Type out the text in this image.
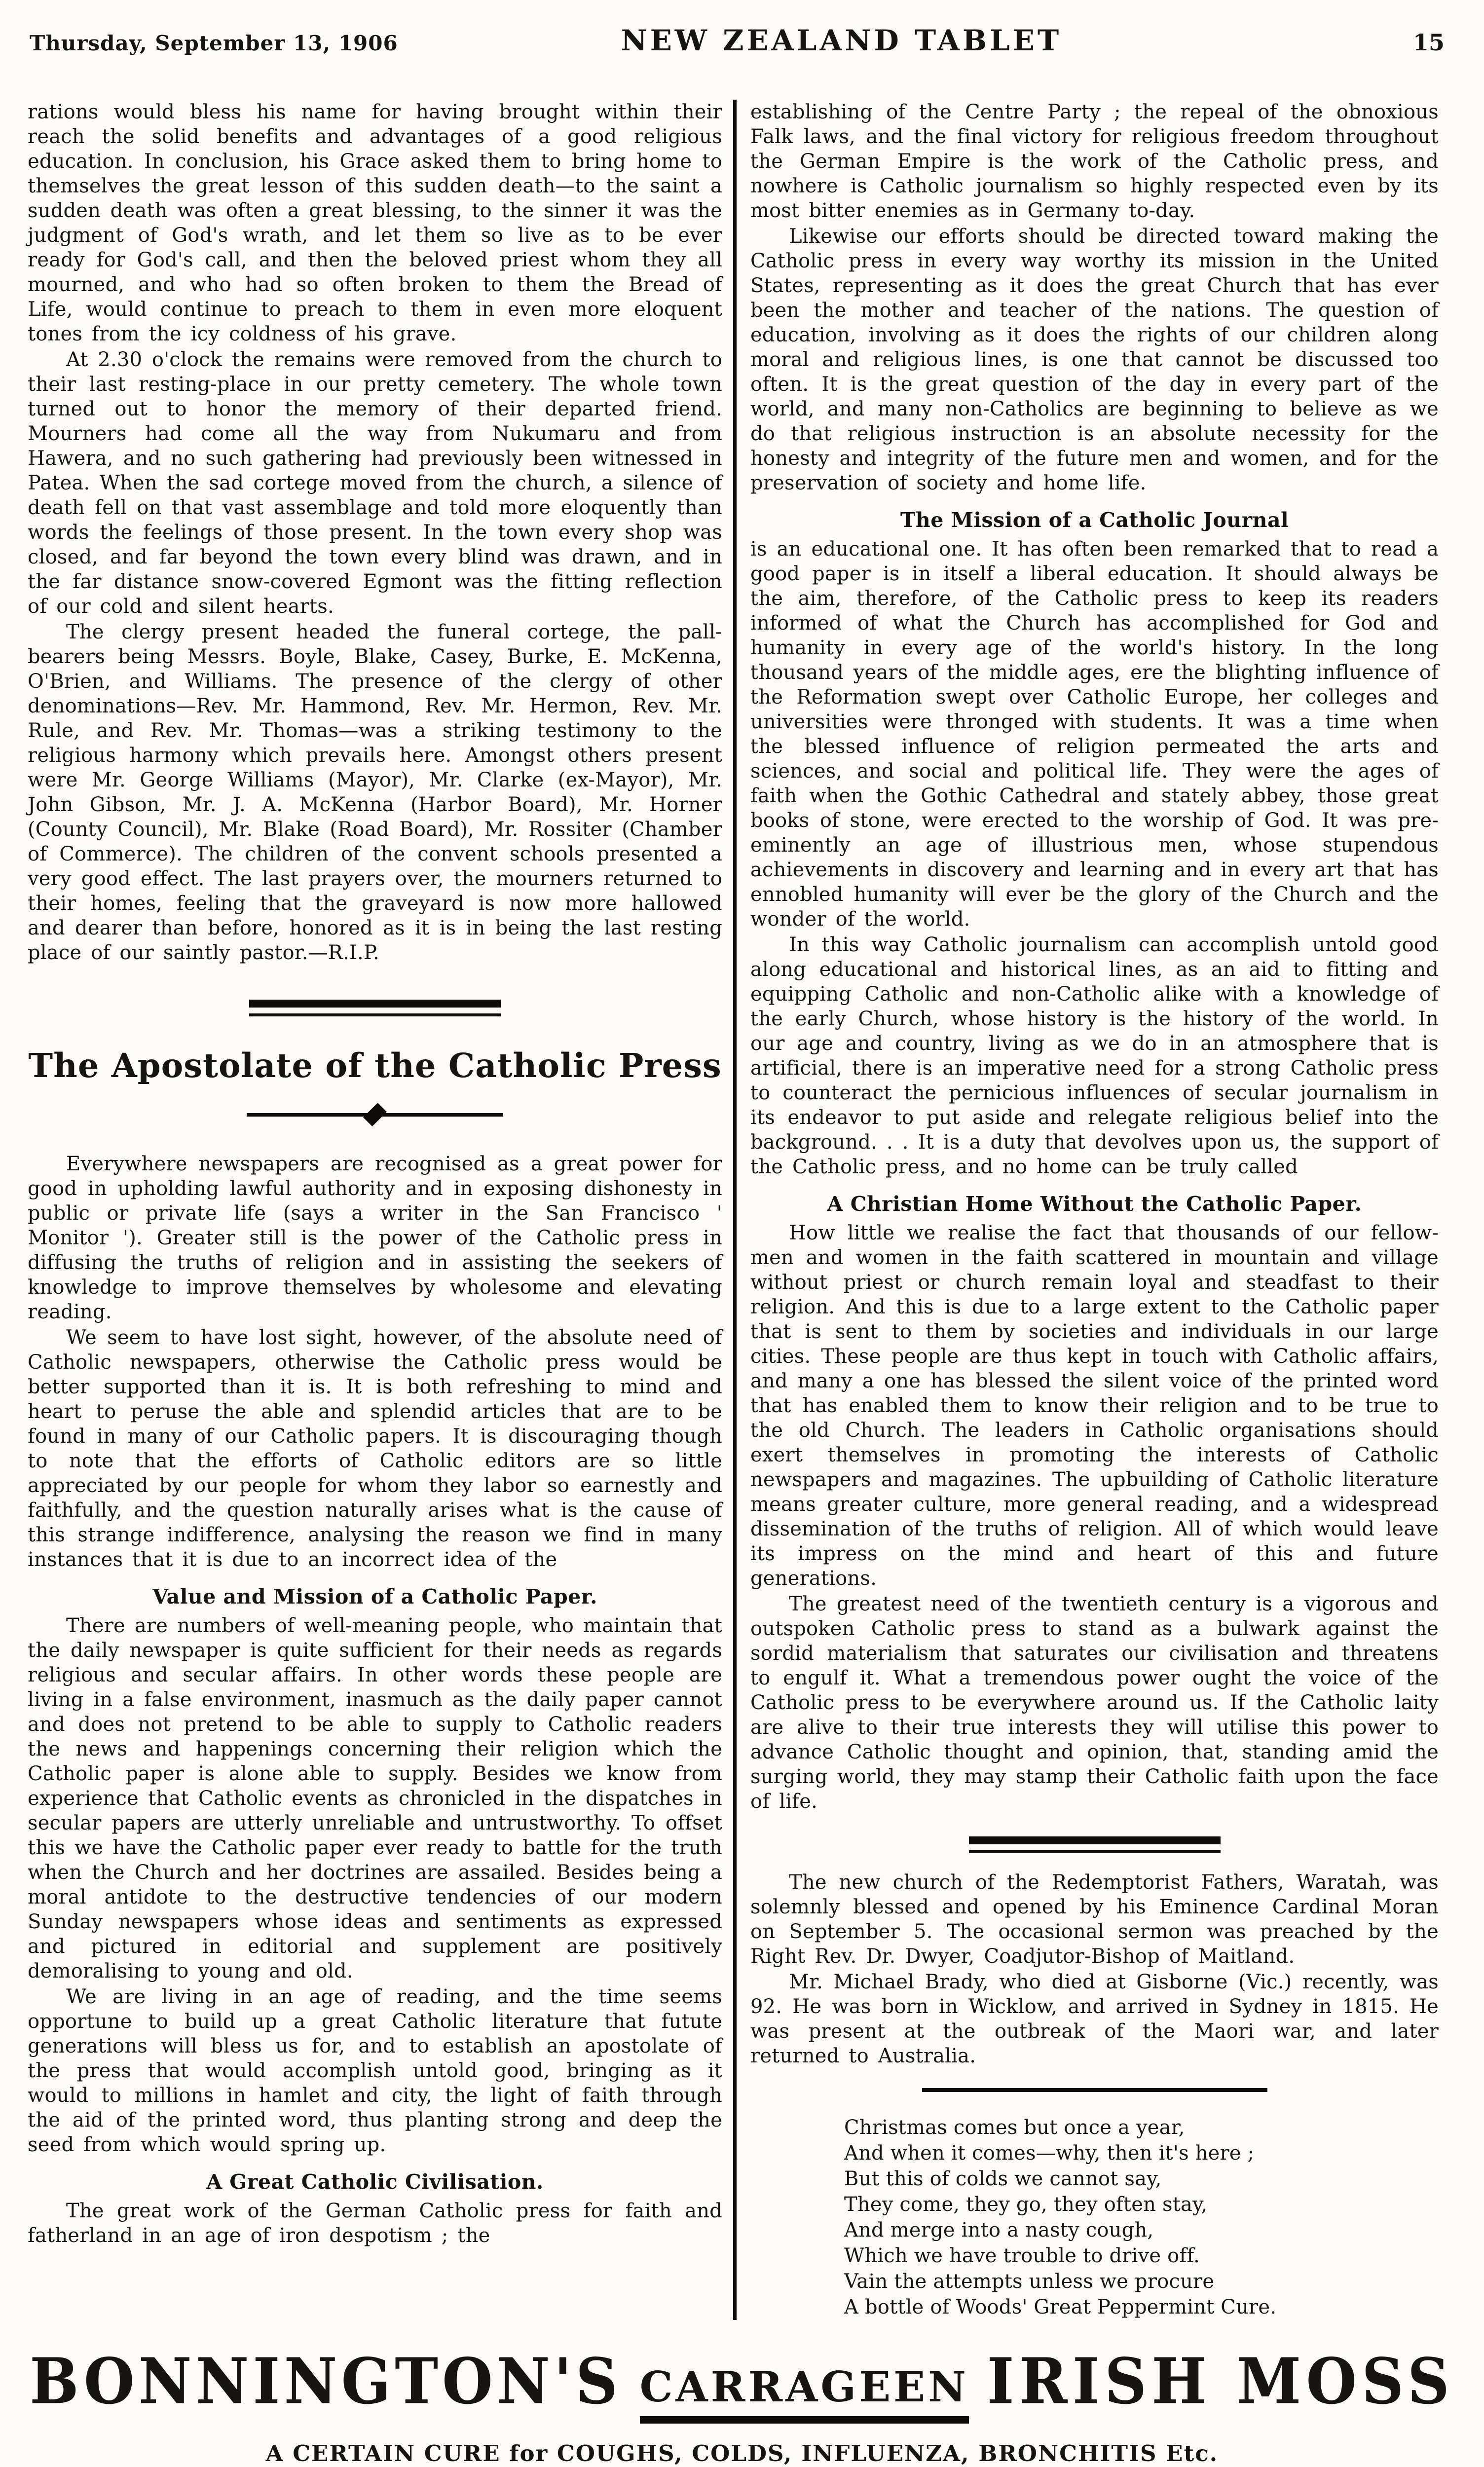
Thursday, September 13, 1906	NEW ZEALAND TABLET	15

rations would bless his name for having brought within their reach the solid benefits and advantages of a good religious education. In conclusion, his Grace asked them to bring home to themselves the great lesson of this sudden death—to the saint a sudden death was often a great blessing, to the sinner it was the judgment of God's wrath, and let them so live as to be ever ready for God's call, and then the beloved priest whom they all mourned, and who had so often broken to them the Bread of Life, would continue to preach to them in even more eloquent tones from the icy coldness of his grave.

At 2.30 o'clock the remains were removed from the church to their last resting-place in our pretty cemetery. The whole town turned out to honor the memory of their departed friend. Mourners had come all the way from Nukumaru and from Hawera, and no such gathering had previously been witnessed in Patea. When the sad cortege moved from the church, a silence of death fell on that vast assemblage and told more eloquently than words the feelings of those present. In the town every shop was closed, and far beyond the town every blind was drawn, and in the far distance snow-covered Egmont was the fitting reflection of our cold and silent hearts.

The clergy present headed the funeral cortege, the pall-bearers being Messrs. Boyle, Blake, Casey, Burke, E. McKenna, O'Brien, and Williams. The presence of the clergy of other denominations—Rev. Mr. Hammond, Rev. Mr. Hermon, Rev. Mr. Rule, and Rev. Mr. Thomas—was a striking testimony to the religious harmony which prevails here. Amongst others present were Mr. George Williams (Mayor), Mr. Clarke (ex-Mayor), Mr. John Gibson, Mr. J. A. McKenna (Harbor Board), Mr. Horner (County Council), Mr. Blake (Road Board), Mr. Rossiter (Chamber of Commerce). The children of the convent schools presented a very good effect. The last prayers over, the mourners returned to their homes, feeling that the graveyard is now more hallowed and dearer than before, honored as it is in being the last resting place of our saintly pastor.—R.I.P.

The Apostolate of the Catholic Press

Everywhere newspapers are recognised as a great power for good in upholding lawful authority and in exposing dishonesty in public or private life (says a writer in the San Francisco ' Monitor '). Greater still is the power of the Catholic press in diffusing the truths of religion and in assisting the seekers of knowledge to improve themselves by wholesome and elevating reading.

We seem to have lost sight, however, of the absolute need of Catholic newspapers, otherwise the Catholic press would be better supported than it is. It is both refreshing to mind and heart to peruse the able and splendid articles that are to be found in many of our Catholic papers. It is discouraging though to note that the efforts of Catholic editors are so little appreciated by our people for whom they labor so earnestly and faithfully, and the question naturally arises what is the cause of this strange indifference, analysing the reason we find in many instances that it is due to an incorrect idea of the

Value and Mission of a Catholic Paper.

There are numbers of well-meaning people, who maintain that the daily newspaper is quite sufficient for their needs as regards religious and secular affairs. In other words these people are living in a false environment, inasmuch as the daily paper cannot and does not pretend to be able to supply to Catholic readers the news and happenings concerning their religion which the Catholic paper is alone able to supply. Besides we know from experience that Catholic events as chronicled in the dispatches in secular papers are utterly unreliable and untrustworthy. To offset this we have the Catholic paper ever ready to battle for the truth when the Church and her doctrines are assailed. Besides being a moral antidote to the destructive tendencies of our modern Sunday newspapers whose ideas and sentiments as expressed and pictured in editorial and supplement are positively demoralising to young and old.

We are living in an age of reading, and the time seems opportune to build up a great Catholic literature that futute generations will bless us for, and to establish an apostolate of the press that would accomplish untold good, bringing as it would to millions in hamlet and city, the light of faith through the aid of the printed word, thus planting strong and deep the seed from which would spring up.

A Great Catholic Civilisation.

The great work of the German Catholic press for faith and fatherland in an age of iron despotism ; the

establishing of the Centre Party ; the repeal of the obnoxious Falk laws, and the final victory for religious freedom throughout the German Empire is the work of the Catholic press, and nowhere is Catholic journalism so highly respected even by its most bitter enemies as in Germany to-day.

Likewise our efforts should be directed toward making the Catholic press in every way worthy its mission in the United States, representing as it does the great Church that has ever been the mother and teacher of the nations. The question of education, involving as it does the rights of our children along moral and religious lines, is one that cannot be discussed too often. It is the great question of the day in every part of the world, and many non-Catholics are beginning to believe as we do that religious instruction is an absolute necessity for the honesty and integrity of the future men and women, and for the preservation of society and home life.

The Mission of a Catholic Journal

is an educational one. It has often been remarked that to read a good paper is in itself a liberal education. It should always be the aim, therefore, of the Catholic press to keep its readers informed of what the Church has accomplished for God and humanity in every age of the world's history. In the long thousand years of the middle ages, ere the blighting influence of the Reformation swept over Catholic Europe, her colleges and universities were thronged with students. It was a time when the blessed influence of religion permeated the arts and sciences, and social and political life. They were the ages of faith when the Gothic Cathedral and stately abbey, those great books of stone, were erected to the worship of God. It was pre-eminently an age of illustrious men, whose stupendous achievements in discovery and learning and in every art that has ennobled humanity will ever be the glory of the Church and the wonder of the world.

In this way Catholic journalism can accomplish untold good along educational and historical lines, as an aid to fitting and equipping Catholic and non-Catholic alike with a knowledge of the early Church, whose history is the history of the world. In our age and country, living as we do in an atmosphere that is artificial, there is an imperative need for a strong Catholic press to counteract the pernicious influences of secular journalism in its endeavor to put aside and relegate religious belief into the background. . . It is a duty that devolves upon us, the support of the Catholic press, and no home can be truly called

A Christian Home Without the Catholic Paper.

How little we realise the fact that thousands of our fellow-men and women in the faith scattered in mountain and village without priest or church remain loyal and steadfast to their religion. And this is due to a large extent to the Catholic paper that is sent to them by societies and individuals in our large cities. These people are thus kept in touch with Catholic affairs, and many a one has blessed the silent voice of the printed word that has enabled them to know their religion and to be true to the old Church. The leaders in Catholic organisations should exert themselves in promoting the interests of Catholic newspapers and magazines. The upbuilding of Catholic literature means greater culture, more general reading, and a widespread dissemination of the truths of religion. All of which would leave its impress on the mind and heart of this and future generations.

The greatest need of the twentieth century is a vigorous and outspoken Catholic press to stand as a bulwark against the sordid materialism that saturates our civilisation and threatens to engulf it. What a tremendous power ought the voice of the Catholic press to be everywhere around us. If the Catholic laity are alive to their true interests they will utilise this power to advance Catholic thought and opinion, that, standing amid the surging world, they may stamp their Catholic faith upon the face of life.

The new church of the Redemptorist Fathers, Waratah, was solemnly blessed and opened by his Eminence Cardinal Moran on September 5. The occasional sermon was preached by the Right Rev. Dr. Dwyer, Coadjutor-Bishop of Maitland.

Mr. Michael Brady, who died at Gisborne (Vic.) recently, was 92. He was born in Wicklow, and arrived in Sydney in 1815. He was present at the outbreak of the Maori war, and later returned to Australia.

Christmas comes but once a year,
And when it comes—why, then it's here ;
But this of colds we cannot say,
They come, they go, they often stay,
And merge into a nasty cough,
Which we have trouble to drive off.
Vain the attempts unless we procure
A bottle of Woods' Great Peppermint Cure.
BONNINGTON'S CARRAGEEN IRISH MOSS
A CERTAIN CURE for COUGHS, COLDS, INFLUENZA, BRONCHITIS Etc.
